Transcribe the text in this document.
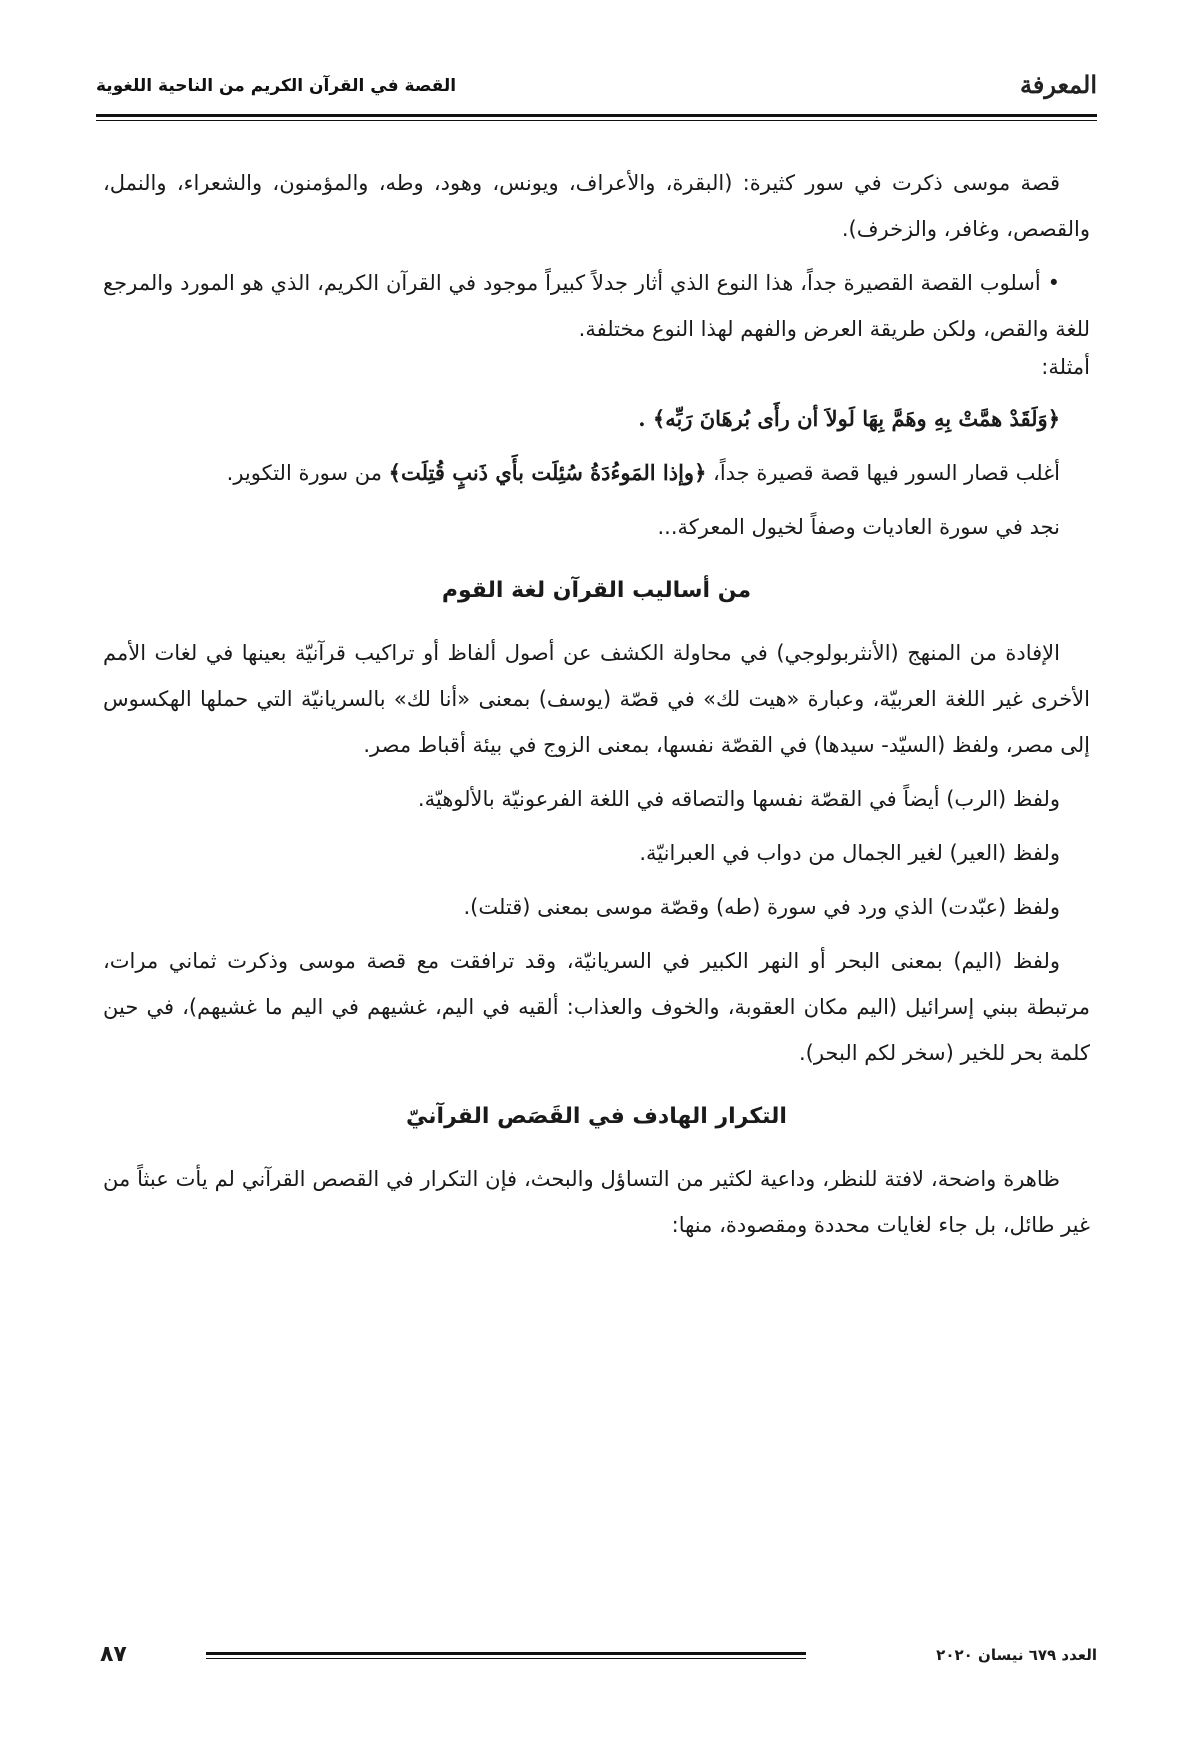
المعرفة
القصة في القرآن الكريم من الناحية اللغوية

قصة موسى ذكرت في سور كثيرة: (البقرة، والأعراف، ويونس، وهود، وطه، والمؤمنون، والشعراء، والنمل، والقصص، وغافر، والزخرف).

• أسلوب القصة القصيرة جداً، هذا النوع الذي أثار جدلاً كبيراً موجود في القرآن الكريم، الذي هو المورد والمرجع للغة والقص، ولكن طريقة العرض والفهم لهذا النوع مختلفة.

أمثلة:

﴿وَلَقَدْ همَّتْ بِهِ وهَمَّ بِهَا لَولاَ أن رأَى بُرهَانَ رَبِّه﴾ .

أغلب قصار السور فيها قصة قصيرة جداً، ﴿وإذا المَوءُدَةُ سُئِلَت بأَي ذَنبٍ قُتِلَت﴾ من سورة التكوير.

نجد في سورة العاديات وصفاً لخيول المعركة...

من أساليب القرآن لغة القوم

الإفادة من المنهج (الأنثربولوجي) في محاولة الكشف عن أصول ألفاظ أو تراكيب قرآنيّة بعينها في لغات الأمم الأخرى غير اللغة العربيّة، وعبارة «هيت لك» في قصّة (يوسف) بمعنى «أنا لك» بالسريانيّة التي حملها الهكسوس إلى مصر، ولفظ (السيّد- سيدها) في القصّة نفسها، بمعنى الزوج في بيئة أقباط مصر.

ولفظ (الرب) أيضاً في القصّة نفسها والتصاقه في اللغة الفرعونيّة بالألوهيّة.

ولفظ (العير) لغير الجمال من دواب في العبرانيّة.

ولفظ (عبّدت) الذي ورد في سورة (طه) وقصّة موسى بمعنى (قتلت).

ولفظ (اليم) بمعنى البحر أو النهر الكبير في السريانيّة، وقد ترافقت مع قصة موسى وذكرت ثماني مرات، مرتبطة ببني إسرائيل (اليم مكان العقوبة، والخوف والعذاب: ألقيه في اليم، غشيهم في اليم ما غشيهم)، في حين كلمة بحر للخير (سخر لكم البحر).

التكرار الهادف في القَصَص القرآنيّ

ظاهرة واضحة، لافتة للنظر، وداعية لكثير من التساؤل والبحث، فإن التكرار في القصص القرآني لم يأت عبثاً من غير طائل، بل جاء لغايات محددة ومقصودة، منها:

العدد ٦٧٩ نيسان ٢٠٢٠
٨٧
